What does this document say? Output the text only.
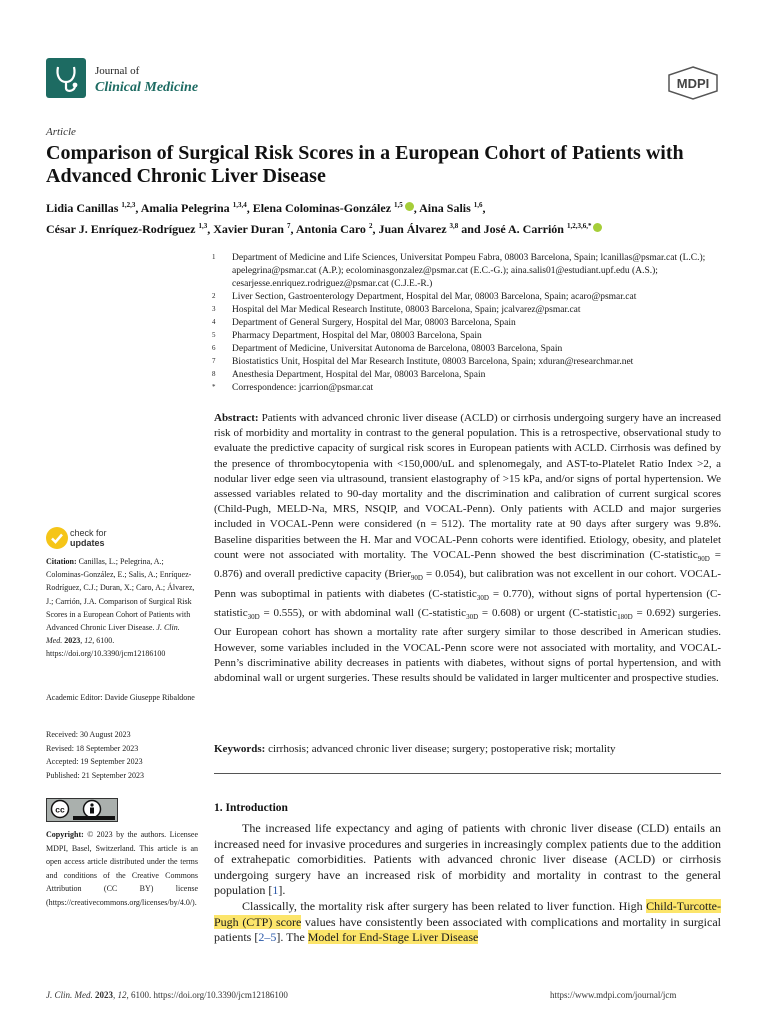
Journal of
Clinical Medicine	MDPI
Article
Comparison of Surgical Risk Scores in a European Cohort of Patients with Advanced Chronic Liver Disease
Lidia Canillas $^{1,2,3}$, Amalia Pelegrina $^{1,3,4}$, Elena Colominas-González $^{1,5}$ , Aina Salis $^{1,6}$,
César J. Enríquez-Rodríguez $^{1,3}$, Xavier Duran $^7$, Antonia Caro $^2$, Juan Álvarez $^{3,8}$ and José A. Carrión $^{1,2,3,6,*}$
1 Department of Medicine and Life Sciences, Universitat Pompeu Fabra, 08003 Barcelona, Spain; lcanillas@psmar.cat (L.C.); apelegrina@psmar.cat (A.P.); ecolominasgonzalez@psmar.cat (E.C.-G.); aina.salis01@estudiant.upf.edu (A.S.); cesarjesse.enriquez.rodriguez@psmar.cat (C.J.E.-R.)
2 Liver Section, Gastroenterology Department, Hospital del Mar, 08003 Barcelona, Spain; acaro@psmar.cat
3 Hospital del Mar Medical Research Institute, 08003 Barcelona, Spain; jcalvarez@psmar.cat
4 Department of General Surgery, Hospital del Mar, 08003 Barcelona, Spain
5 Pharmacy Department, Hospital del Mar, 08003 Barcelona, Spain
6 Department of Medicine, Universitat Autonoma de Barcelona, 08003 Barcelona, Spain
7 Biostatistics Unit, Hospital del Mar Research Institute, 08003 Barcelona, Spain; xduran@researchmar.net
8 Anesthesia Department, Hospital del Mar, 08003 Barcelona, Spain
* Correspondence: jcarrion@psmar.cat
Abstract: Patients with advanced chronic liver disease (ACLD) or cirrhosis undergoing surgery have an increased risk of morbidity and mortality in contrast to the general population. This is a retrospective, observational study to evaluate the predictive capacity of surgical risk scores in European patients with ACLD. Cirrhosis was defined by the presence of thrombocytopenia with <150,000/uL and splenomegaly, and AST-to-Platelet Ratio Index >2, a nodular liver edge seen via ultrasound, transient elastography of >15 kPa, and/or signs of portal hypertension. We assessed variables related to 90-day mortality and the discrimination and calibration of current surgical scores (Child-Pugh, MELD-Na, MRS, NSQIP, and VOCAL-Penn). Only patients with ACLD and major surgeries included in VOCAL-Penn were considered (n = 512). The mortality rate at 90 days after surgery was 9.8%. Baseline disparities between the H. Mar and VOCAL-Penn cohorts were identified. Etiology, obesity, and platelet count were not associated with mortality. The VOCAL-Penn showed the best discrimination (C-statistic$_{90D}$ = 0.876) and overall predictive capacity (Brier$_{90D}$ = 0.054), but calibration was not excellent in our cohort. VOCAL-Penn was suboptimal in patients with diabetes (C-statistic$_{30D}$ = 0.770), without signs of portal hypertension (C-statistic$_{30D}$ = 0.555), or with abdominal wall (C-statistic$_{30D}$ = 0.608) or urgent (C-statistic$_{180D}$ = 0.692) surgeries. Our European cohort has shown a mortality rate after surgery similar to those described in American studies. However, some variables included in the VOCAL-Penn score were not associated with mortality, and VOCAL-Penn’s discriminative ability decreases in patients with diabetes, without signs of portal hypertension, and with abdominal wall or urgent surgeries. These results should be validated in larger multicenter and prospective studies.
Keywords: cirrhosis; advanced chronic liver disease; surgery; postoperative risk; mortality
check for
updates
Citation: Canillas, L.; Pelegrina, A.; Colominas-González, E.; Salis, A.; Enríquez-Rodríguez, C.J.; Duran, X.; Caro, A.; Álvarez, J.; Carrión, J.A. Comparison of Surgical Risk Scores in a European Cohort of Patients with Advanced Chronic Liver Disease. J. Clin. Med. 2023, 12, 6100. https://doi.org/10.3390/jcm12186100
Academic Editor: Davide Giuseppe Ribaldone
Received: 30 August 2023
Revised: 18 September 2023
Accepted: 19 September 2023
Published: 21 September 2023
cc
Copyright: © 2023 by the authors. Licensee MDPI, Basel, Switzerland. This article is an open access article distributed under the terms and conditions of the Creative Commons Attribution (CC BY) license (https://creativecommons.org/licenses/by/4.0/).
1. Introduction

The increased life expectancy and aging of patients with chronic liver disease (CLD) entails an increased need for invasive procedures and surgeries in increasingly complex patients due to the addition of extrahepatic comorbidities. Patients with advanced chronic liver disease (ACLD) or cirrhosis undergoing surgery have an increased risk of morbidity and mortality in contrast to the general population [1].

Classically, the mortality risk after surgery has been related to liver function. High Child-Turcotte-Pugh (CTP) score values have consistently been associated with complications and mortality in surgical patients [2–5]. The Model for End-Stage Liver Disease

J. Clin. Med. 2023, 12, 6100. https://doi.org/10.3390/jcm12186100	https://www.mdpi.com/journal/jcm
